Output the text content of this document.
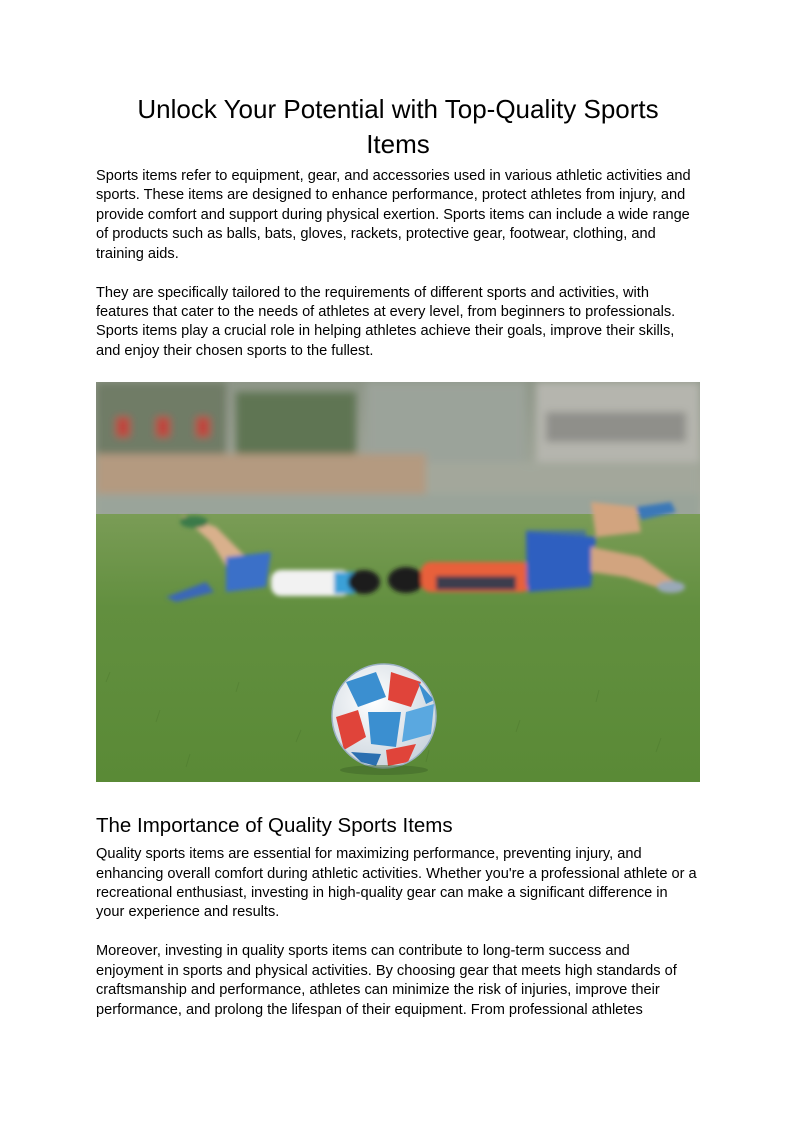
Unlock Your Potential with Top-Quality Sports Items

Sports items refer to equipment, gear, and accessories used in various athletic activities and sports. These items are designed to enhance performance, protect athletes from injury, and provide comfort and support during physical exertion. Sports items can include a wide range of products such as balls, bats, gloves, rackets, protective gear, footwear, clothing, and training aids.

They are specifically tailored to the requirements of different sports and activities, with features that cater to the needs of athletes at every level, from beginners to professionals. Sports items play a crucial role in helping athletes achieve their goals, improve their skills, and enjoy their chosen sports to the fullest.

The Importance of Quality Sports Items

Quality sports items are essential for maximizing performance, preventing injury, and enhancing overall comfort during athletic activities. Whether you're a professional athlete or a recreational enthusiast, investing in high-quality gear can make a significant difference in your experience and results.

Moreover, investing in quality sports items can contribute to long-term success and enjoyment in sports and physical activities. By choosing gear that meets high standards of craftsmanship and performance, athletes can minimize the risk of injuries, improve their performance, and prolong the lifespan of their equipment. From professional athletes
